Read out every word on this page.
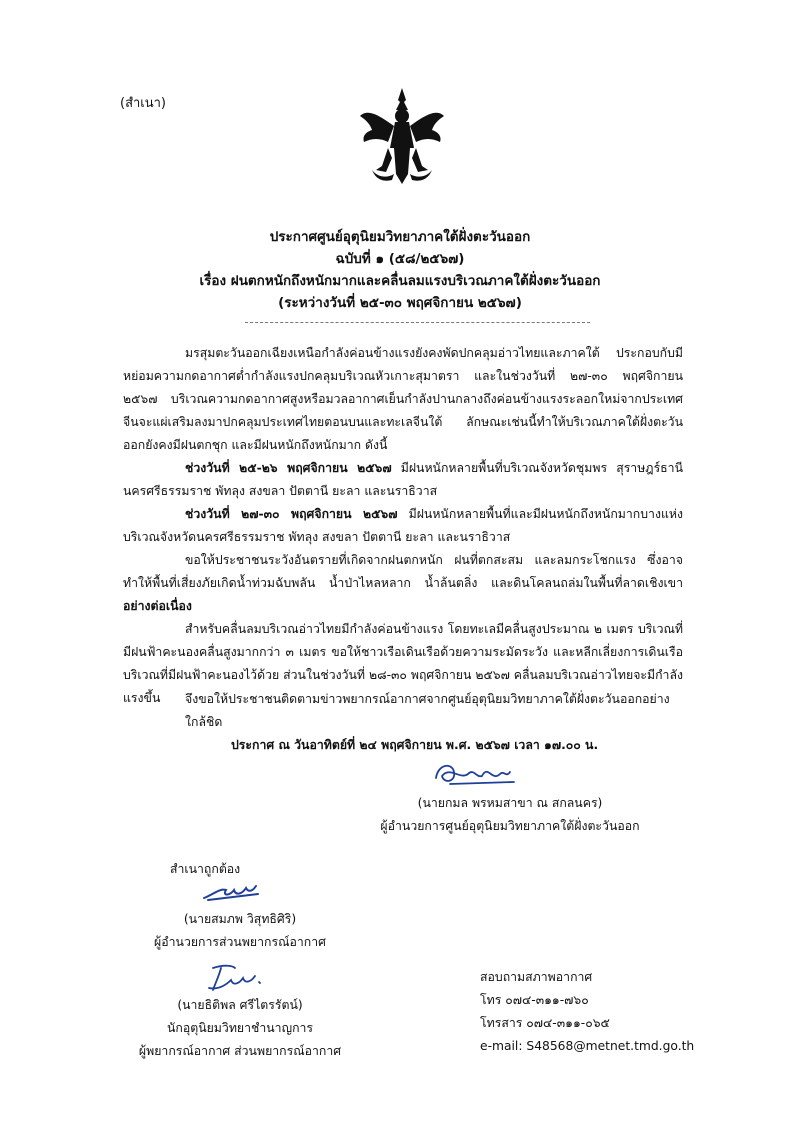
(สำเนา)
ประกาศศูนย์อุตุนิยมวิทยาภาคใต้ฝั่งตะวันออก
ฉบับที่ ๑ (๕๘/๒๕๖๗)
เรื่อง ฝนตกหนักถึงหนักมากและคลื่นลมแรงบริเวณภาคใต้ฝั่งตะวันออก
(ระหว่างวันที่ ๒๕-๓๐ พฤศจิกายน ๒๕๖๗)

มรสุมตะวันออกเฉียงเหนือกำลังค่อนข้างแรงยังคงพัดปกคลุมอ่าวไทยและภาคใต้ ประกอบกับมีหย่อมความกดอากาศต่ำกำลังแรงปกคลุมบริเวณหัวเกาะสุมาตรา และในช่วงวันที่ ๒๗-๓๐ พฤศจิกายน ๒๕๖๗ บริเวณความกดอากาศสูงหรือมวลอากาศเย็นกำลังปานกลางถึงค่อนข้างแรงระลอกใหม่จากประเทศจีนจะแผ่เสริมลงมาปกคลุมประเทศไทยตอนบนและทะเลจีนใต้ ลักษณะเช่นนี้ทำให้บริเวณภาคใต้ฝั่งตะวันออกยังคงมีฝนตกชุก และมีฝนหนักถึงหนักมาก ดังนี้

ช่วงวันที่ ๒๕-๒๖ พฤศจิกายน ๒๕๖๗ มีฝนหนักหลายพื้นที่บริเวณจังหวัดชุมพร สุราษฎร์ธานี นครศรีธรรมราช พัทลุง สงขลา ปัตตานี ยะลา และนราธิวาส

ช่วงวันที่ ๒๗-๓๐ พฤศจิกายน ๒๕๖๗ มีฝนหนักหลายพื้นที่และมีฝนหนักถึงหนักมากบางแห่งบริเวณจังหวัดนครศรีธรรมราช พัทลุง สงขลา ปัตตานี ยะลา และนราธิวาส

ขอให้ประชาชนระวังอันตรายที่เกิดจากฝนตกหนัก ฝนที่ตกสะสม และลมกระโชกแรง ซึ่งอาจทำให้พื้นที่เสี่ยงภัยเกิดน้ำท่วมฉับพลัน น้ำป่าไหลหลาก น้ำล้นตลิ่ง และดินโคลนถล่มในพื้นที่ลาดเชิงเขา อย่างต่อเนื่อง

สำหรับคลื่นลมบริเวณอ่าวไทยมีกำลังค่อนข้างแรง โดยทะเลมีคลื่นสูงประมาณ ๒ เมตร บริเวณที่มีฝนฟ้าคะนองคลื่นสูงมากกว่า ๓ เมตร ขอให้ชาวเรือเดินเรือด้วยความระมัดระวัง และหลีกเลี่ยงการเดินเรือบริเวณที่มีฝนฟ้าคะนองไว้ด้วย ส่วนในช่วงวันที่ ๒๘-๓๐ พฤศจิกายน ๒๕๖๗ คลื่นลมบริเวณอ่าวไทยจะมีกำลังแรงขึ้น	จึงขอให้ประชาชนติดตามข่าวพยากรณ์อากาศจากศูนย์อุตุนิยมวิทยาภาคใต้ฝั่งตะวันออกอย่างใกล้ชิด
ประกาศ ณ วันอาทิตย์ที่ ๒๔ พฤศจิกายน พ.ศ. ๒๕๖๗ เวลา ๑๗.๐๐ น.
(นายกมล พรหมสาขา ณ สกลนคร)
ผู้อำนวยการศูนย์อุตุนิยมวิทยาภาคใต้ฝั่งตะวันออก
สำเนาถูกต้อง
(นายสมภพ วิสุทธิศิริ)
ผู้อำนวยการส่วนพยากรณ์อากาศ
(นายธิติพล ศรีไตรรัตน์)
นักอุตุนิยมวิทยาชำนาญการ
ผู้พยากรณ์อากาศ ส่วนพยากรณ์อากาศ
สอบถามสภาพอากาศ
โทร ๐๗๔-๓๑๑-๗๖๐
โทรสาร ๐๗๔-๓๑๑-๐๖๕
e-mail: S48568@metnet.tmd.go.th
